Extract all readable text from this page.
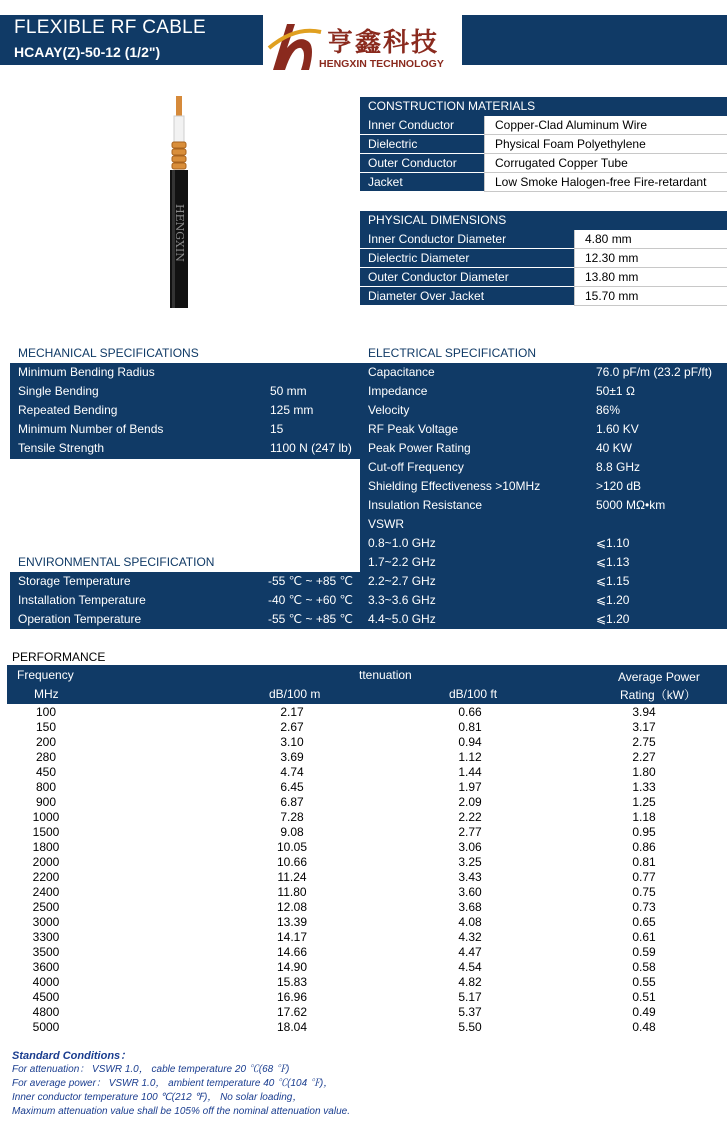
FLEXIBLE RF CABLE
HCAAY(Z)-50-12 (1/2")	亨鑫科技
HENGXIN TECHNOLOGY
HENGXIN
CONSTRUCTION MATERIALS
Inner Conductor	Copper-Clad Aluminum Wire
Dielectric	Physical Foam Polyethylene
Outer Conductor	Corrugated Copper Tube
Jacket	Low Smoke Halogen-free Fire-retardant
PHYSICAL DIMENSIONS
Inner Conductor Diameter	4.80 mm
Dielectric Diameter	12.30 mm
Outer Conductor Diameter	13.80 mm
Diameter Over Jacket	15.70 mm
MECHANICAL SPECIFICATIONS
Minimum Bending Radius
Single Bending	50 mm
Repeated Bending	125 mm
Minimum Number of Bends	15
Tensile Strength	1100 N (247 lb)
ENVIRONMENTAL SPECIFICATION
Storage Temperature	-55 ℃ ~ +85 ℃
Installation Temperature	-40 ℃ ~ +60 ℃
Operation Temperature	-55 ℃ ~ +85 ℃
ELECTRICAL SPECIFICATION
Capacitance	76.0 pF/m (23.2 pF/ft)
Impedance	50±1 Ω
Velocity	86%
RF Peak Voltage	1.60 KV
Peak Power Rating	40 KW
Cut-off Frequency	8.8 GHz
Shielding Effectiveness >10MHz	>120 dB
Insulation Resistance	5000 MΩ•km
VSWR
0.8~1.0 GHz	⩽1.10
1.7~2.2 GHz	⩽1.13
2.2~2.7 GHz	⩽1.15
3.3~3.6 GHz	⩽1.20
4.4~5.0 GHz	⩽1.20
PERFORMANCE
Frequency
MHz
ttenuation
dB/100 m	dB/100 ft
Average Power
Rating（kW）
100	2.17	0.66	3.94
150	2.67	0.81	3.17
200	3.10	0.94	2.75
280	3.69	1.12	2.27
450	4.74	1.44	1.80
800	6.45	1.97	1.33
900	6.87	2.09	1.25
1000	7.28	2.22	1.18
1500	9.08	2.77	0.95
1800	10.05	3.06	0.86
2000	10.66	3.25	0.81
2200	11.24	3.43	0.77
2400	11.80	3.60	0.75
2500	12.08	3.68	0.73
3000	13.39	4.08	0.65
3300	14.17	4.32	0.61
3500	14.66	4.47	0.59
3600	14.90	4.54	0.58
4000	15.83	4.82	0.55
4500	16.96	5.17	0.51
4800	17.62	5.37	0.49
5000	18.04	5.50	0.48
Standard Conditions：
For attenuation： VSWR 1.0， cable temperature 20 ℃(68 ℉)
For average power： VSWR 1.0， ambient temperature 40 ℃(104 ℉)，
Inner conductor temperature 100 ℃(212 ℉)， No solar loading，
Maximum attenuation value shall be 105% off the nominal attenuation value.
